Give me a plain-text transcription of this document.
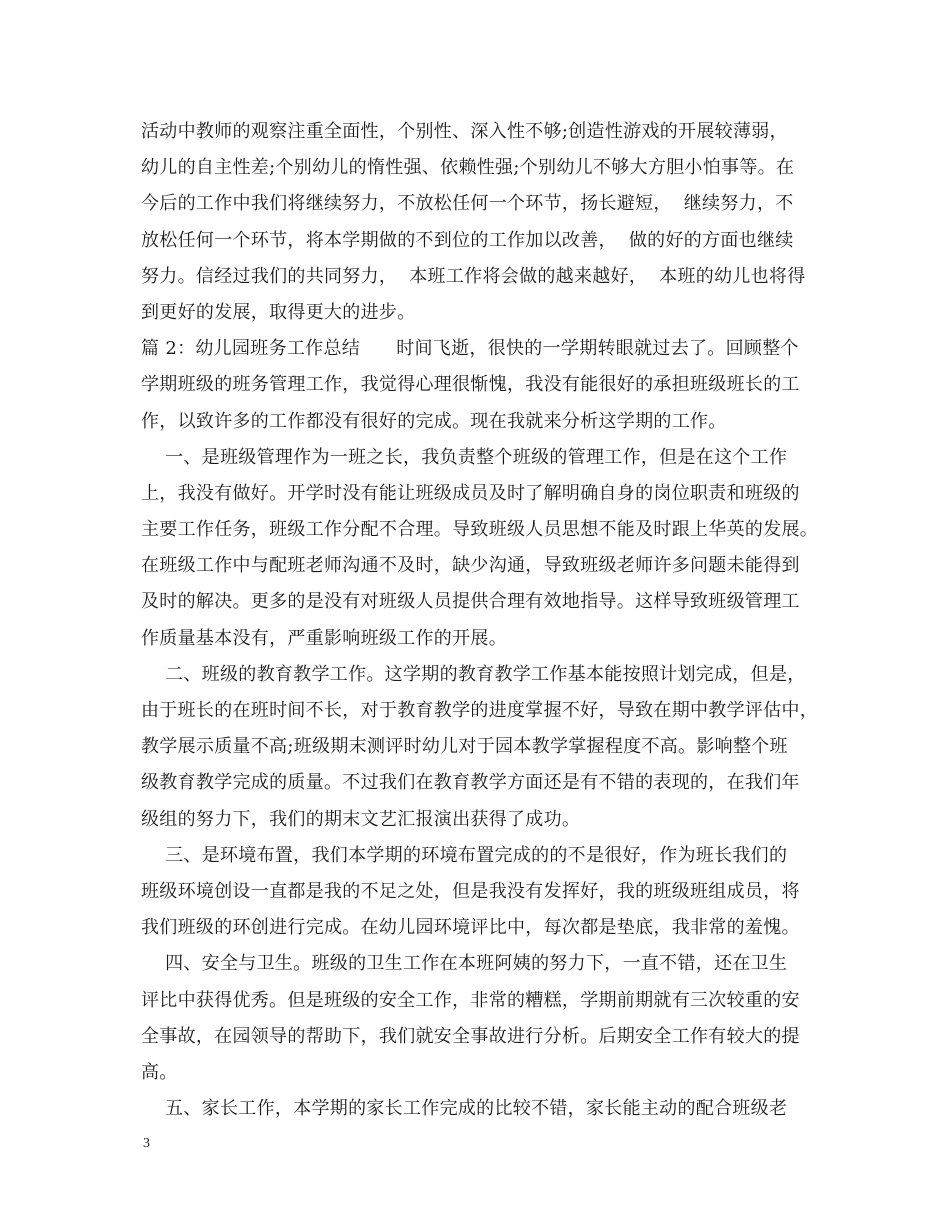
活动中教师的观察注重全面性，个别性、深入性不够;创造性游戏的开展较薄弱，
幼儿的自主性差;个别幼儿的惰性强、依赖性强;个别幼儿不够大方胆小怕事等。在
今后的工作中我们将继续努力，不放松任何一个环节，扬长避短，  继续努力，不
放松任何一个环节，将本学期做的不到位的工作加以改善，  做的好的方面也继续
努力。信经过我们的共同努力，  本班工作将会做的越来越好，  本班的幼儿也将得
到更好的发展，取得更大的进步。
篇 2：幼儿园班务工作总结      时间飞逝，很快的一学期转眼就过去了。回顾整个
学期班级的班务管理工作，我觉得心理很惭愧，我没有能很好的承担班级班长的工
作，以致许多的工作都没有很好的完成。现在我就来分析这学期的工作。
一、是班级管理作为一班之长，我负责整个班级的管理工作，但是在这个工作
上，我没有做好。开学时没有能让班级成员及时了解明确自身的岗位职责和班级的
主要工作任务，班级工作分配不合理。导致班级人员思想不能及时跟上华英的发展。
在班级工作中与配班老师沟通不及时，缺少沟通，导致班级老师许多问题未能得到
及时的解决。更多的是没有对班级人员提供合理有效地指导。这样导致班级管理工
作质量基本没有，严重影响班级工作的开展。
二、班级的教育教学工作。这学期的教育教学工作基本能按照计划完成，但是，
由于班长的在班时间不长，对于教育教学的进度掌握不好，导致在期中教学评估中，
教学展示质量不高;班级期末测评时幼儿对于园本教学掌握程度不高。影响整个班
级教育教学完成的质量。不过我们在教育教学方面还是有不错的表现的，在我们年
级组的努力下，我们的期末文艺汇报演出获得了成功。
三、是环境布置，我们本学期的环境布置完成的的不是很好，作为班长我们的
班级环境创设一直都是我的不足之处，但是我没有发挥好，我的班级班组成员，将
我们班级的环创进行完成。在幼儿园环境评比中，每次都是垫底，我非常的羞愧。
四、安全与卫生。班级的卫生工作在本班阿姨的努力下，一直不错，还在卫生
评比中获得优秀。但是班级的安全工作，非常的糟糕，学期前期就有三次较重的安
全事故，在园领导的帮助下，我们就安全事故进行分析。后期安全工作有较大的提
高。
五、家长工作，本学期的家长工作完成的比较不错，家长能主动的配合班级老
3
